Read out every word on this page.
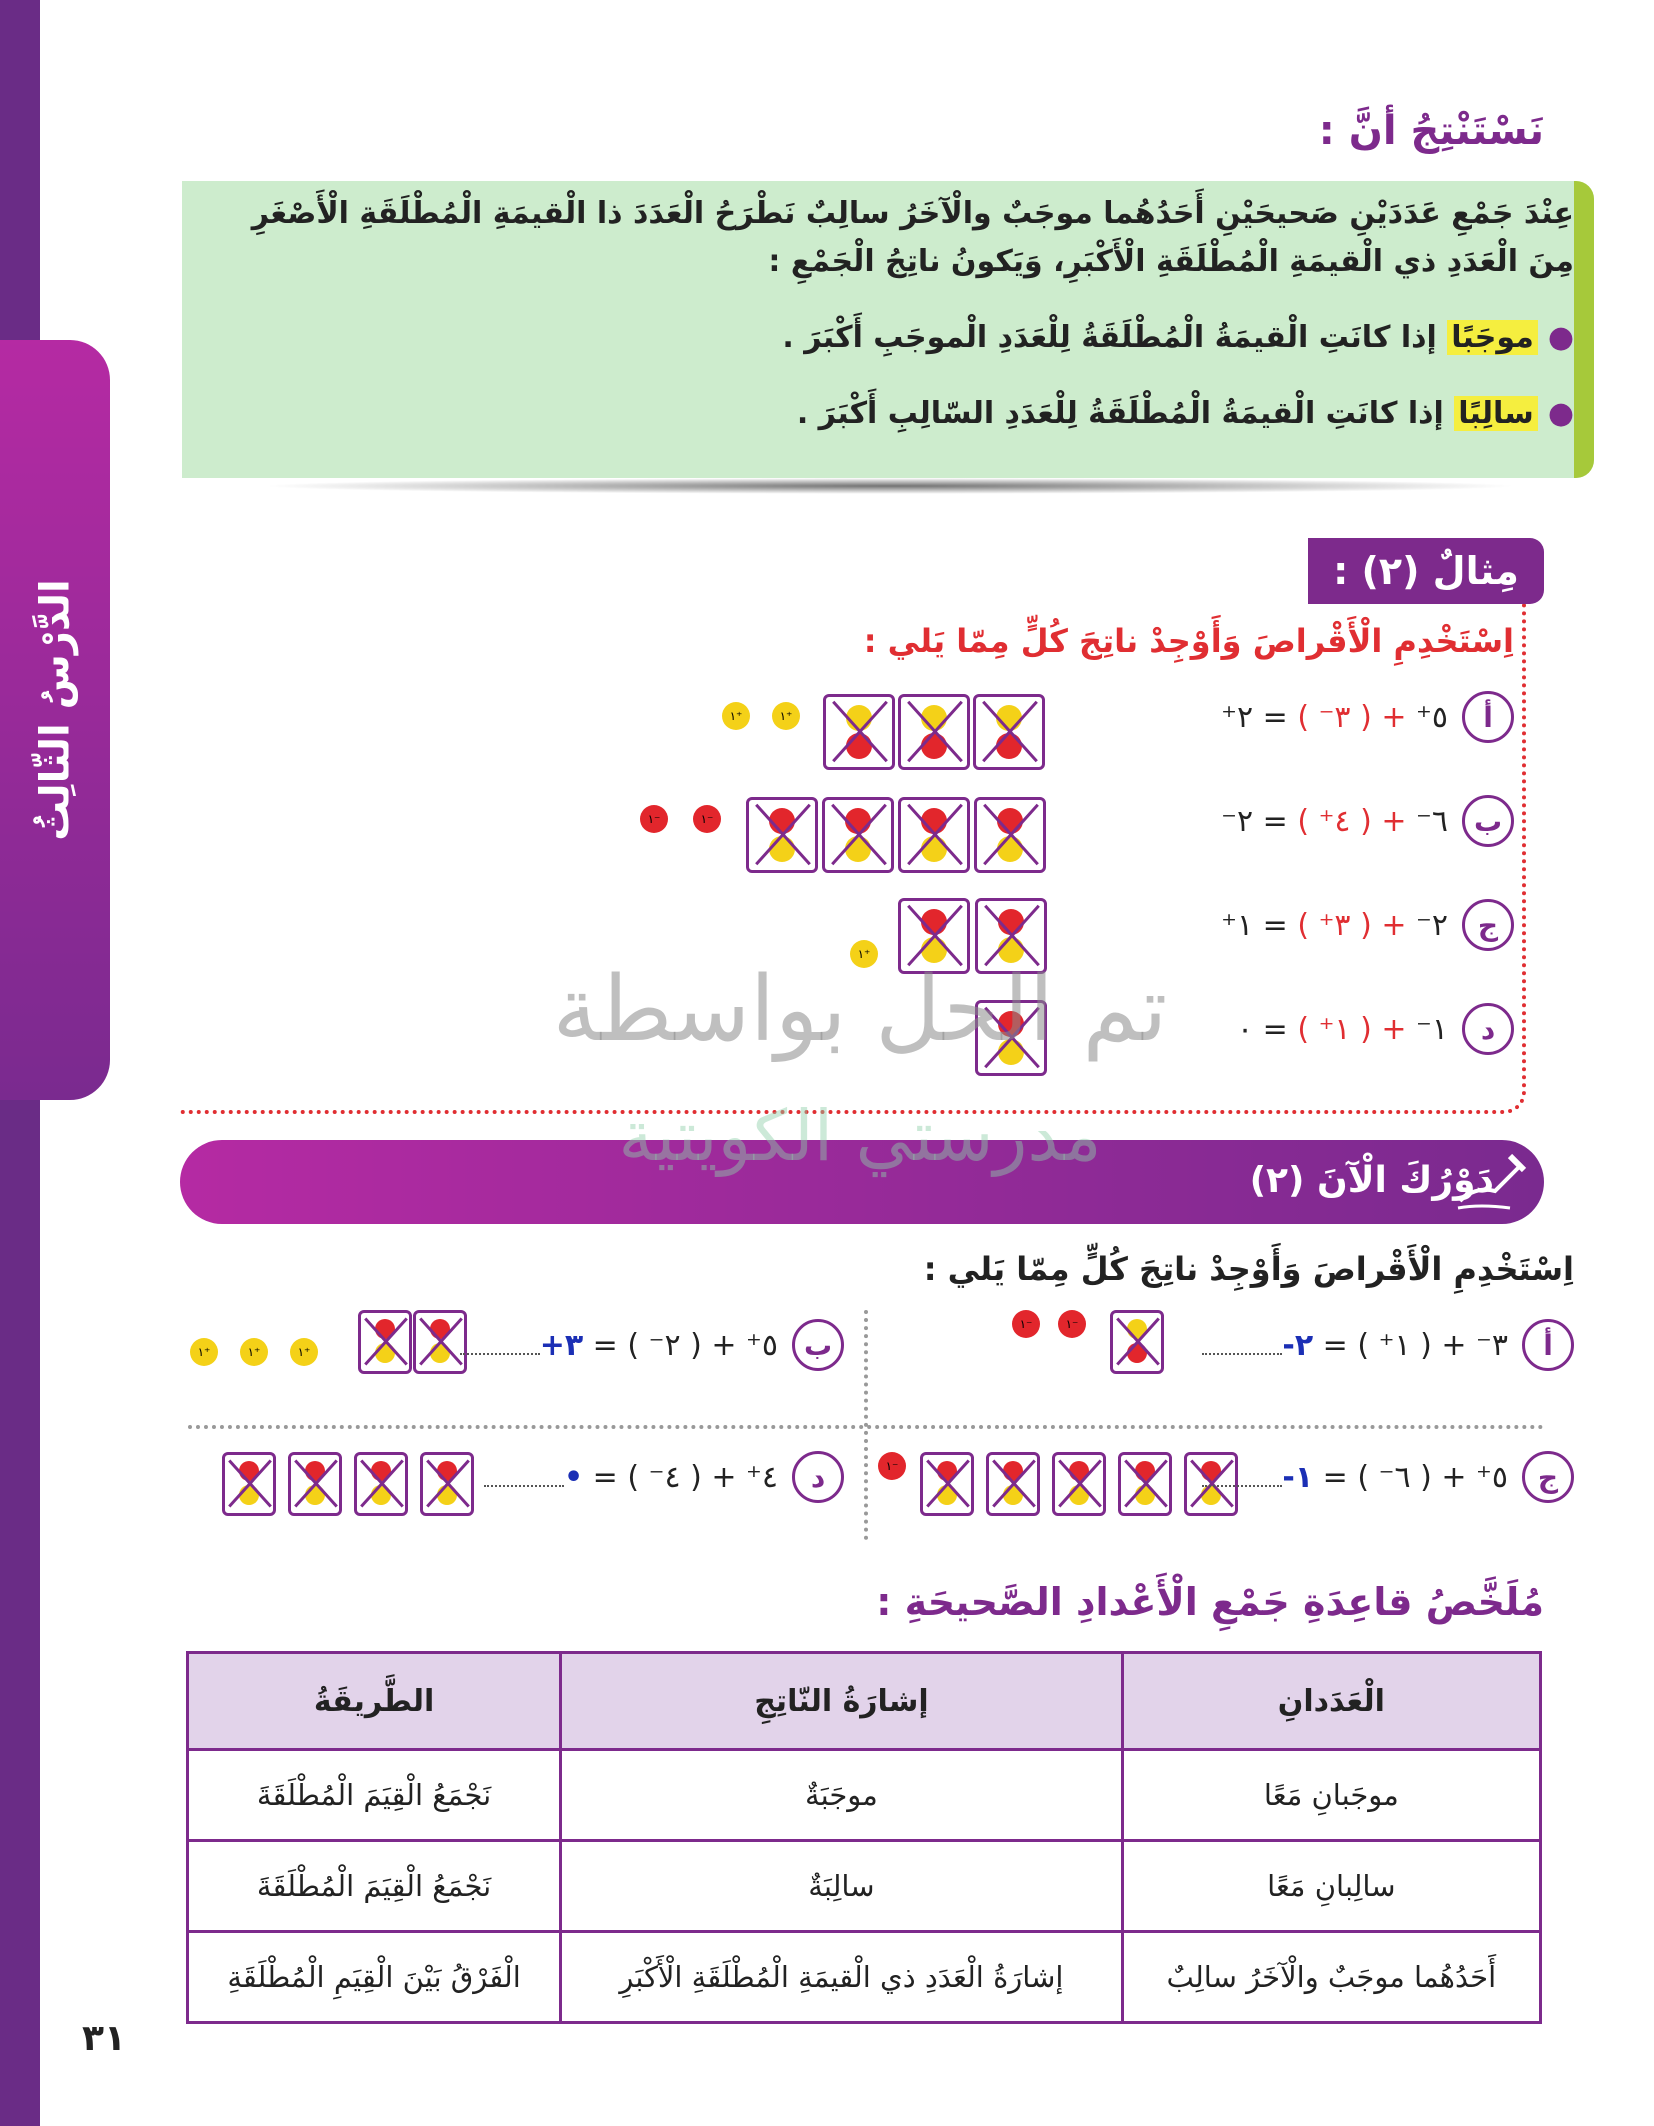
الدَّرْسُ الثّالِثُ
نَسْتَنْتِجُ أنَّ :
عِنْدَ جَمْعِ عَدَدَيْنِ صَحيحَيْنِ أَحَدُهُما موجَبٌ والْآخَرُ سالِبٌ نَطْرَحُ الْعَدَدَ ذا الْقيمَةِ الْمُطْلَقَةِ الْأَصْغَرِ
مِنَ الْعَدَدِ ذي الْقيمَةِ الْمُطْلَقَةِ الْأَكْبَرِ، وَيَكونُ ناتِجُ الْجَمْعِ :
●موجَبًا إذا كانَتِ الْقيمَةُ الْمُطْلَقَةُ لِلْعَدَدِ الْموجَبِ أَكْبَرَ .
●سالِبًا إذا كانَتِ الْقيمَةُ الْمُطْلَقَةُ لِلْعَدَدِ السّالِبِ أَكْبَرَ .
مِثالٌ (٢) :
اِسْتَخْدِمِ الْأَقْراصَ وَأَوْجِدْ ناتِجَ كُلٍّ مِمّا يَلي :
أ
٥⁺ + ( ٣⁻ ) = ٢⁺
ب
٦⁻ + ( ٤⁺ ) = ٢⁻
ج
٢⁻ + ( ٣⁺ ) = ١⁺
د
١⁻ + ( ١⁺ ) = ٠
١⁺	١⁺
١⁻	١⁻
١⁺
١⁻	١⁻
١⁺	١⁺	١⁺
١⁻
دَوْرُكَ الْآنَ (٢)
اِسْتَخْدِمِ الْأَقْراصَ وَأَوْجِدْ ناتِجَ كُلٍّ مِمّا يَلي :
أ
٣⁻ + ( ١⁺ ) = ٢-
ب
٥⁺ + ( ٢⁻ ) = ٣+
ج
٥⁺ + ( ٦⁻ ) = ١-
د
٤⁺ + ( ٤⁻ ) = •
مُلَخَّصُ قاعِدَةِ جَمْعِ الْأَعْدادِ الصَّحيحَةِ :
الْعَدَدانِ	إشارَةُ النّاتِجِ	الطَّريقَةُ
موجَبانِ مَعًا	موجَبَةٌ	نَجْمَعُ الْقِيَمَ الْمُطْلَقَةَ
سالِبانِ مَعًا	سالِبَةٌ	نَجْمَعُ الْقِيَمَ الْمُطْلَقَةَ
أَحَدُهُما موجَبٌ والْآخَرُ سالِبٌ	إشارَةُ الْعَدَدِ ذي الْقيمَةِ الْمُطْلَقَةِ الْأَكْبَرِ	الْفَرْقُ بَيْنَ الْقِيَمِ الْمُطْلَقَةِ
٣١
تم الحل بواسطة
مدرستي الكويتية
